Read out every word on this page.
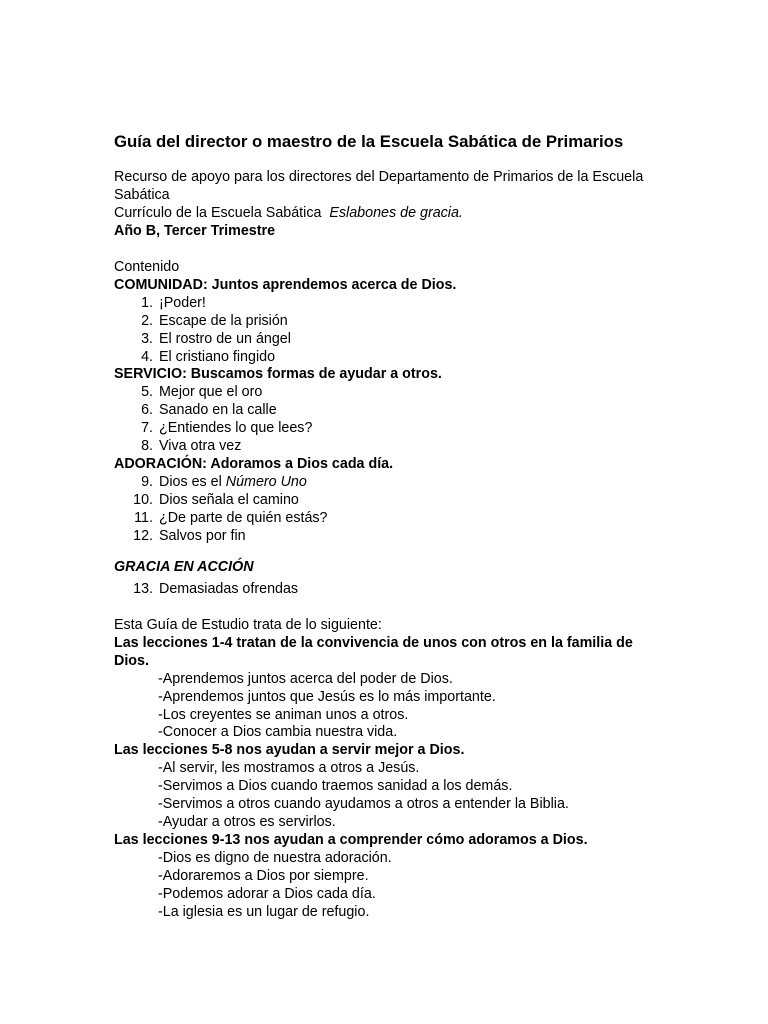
Guía del director o maestro de la Escuela Sabática de Primarios

Recurso de apoyo para los directores del Departamento de Primarios de la Escuela Sabática

Currículo de la Escuela Sabática Eslabones de gracia.

Año B, Tercer Trimestre

Contenido

COMUNIDAD: Juntos aprendemos acerca de Dios.

1. ¡Poder!
2. Escape de la prisión
3. El rostro de un ángel
4. El cristiano fingido

SERVICIO: Buscamos formas de ayudar a otros.

5. Mejor que el oro
6. Sanado en la calle
7. ¿Entiendes lo que lees?
8. Viva otra vez

ADORACIÓN: Adoramos a Dios cada día.

9. Dios es el Número Uno
10. Dios señala el camino
11. ¿De parte de quién estás?
12. Salvos por fin

GRACIA EN ACCIÓN

13. Demasiadas ofrendas

Esta Guía de Estudio trata de lo siguiente:

Las lecciones 1-4 tratan de la convivencia de unos con otros en la familia de Dios.

-Aprendemos juntos acerca del poder de Dios.

-Aprendemos juntos que Jesús es lo más importante.

-Los creyentes se animan unos a otros.

-Conocer a Dios cambia nuestra vida.

Las lecciones 5-8 nos ayudan a servir mejor a Dios.

-Al servir, les mostramos a otros a Jesús.

-Servimos a Dios cuando traemos sanidad a los demás.

-Servimos a otros cuando ayudamos a otros a entender la Biblia.

-Ayudar a otros es servirlos.

Las lecciones 9-13 nos ayudan a comprender cómo adoramos a Dios.

-Dios es digno de nuestra adoración.

-Adoraremos a Dios por siempre.

-Podemos adorar a Dios cada día.

-La iglesia es un lugar de refugio.
